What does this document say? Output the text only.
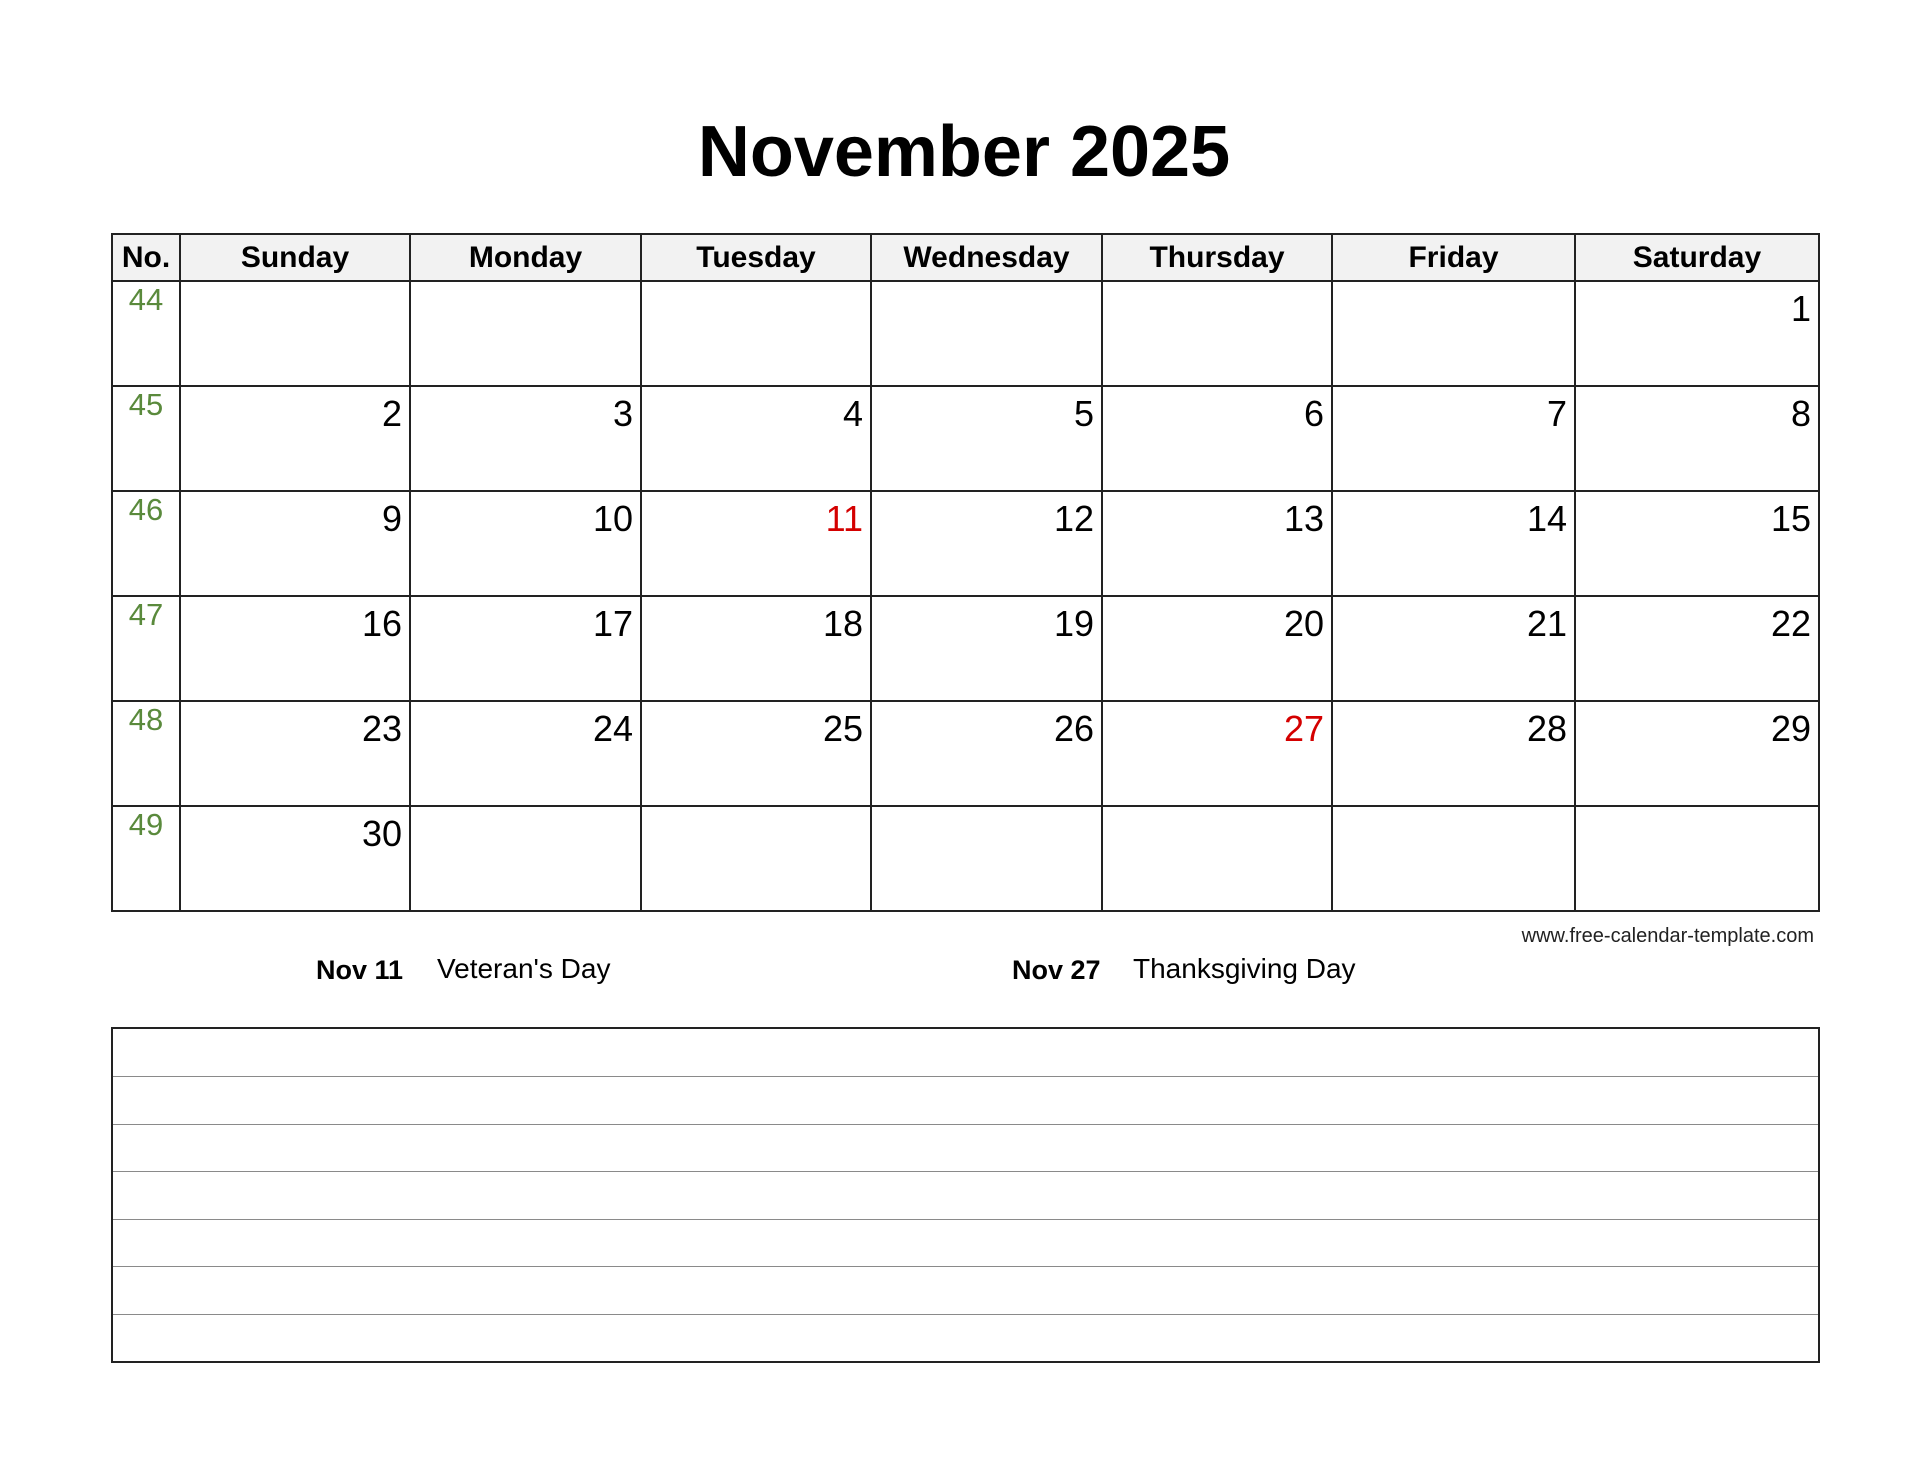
November 2025
No.	Sunday	Monday	Tuesday	Wednesday	Thursday	Friday	Saturday
44							1

45	2	3	4	5	6	7	8

46	9	10	11	12	13	14	15

47	16	17	18	19	20	21	22

48	23	24	25	26	27	28	29

49	30						

www.free-calendar-template.com
Nov 11 Veteran's Day	Nov 27 Thanksgiving Day
